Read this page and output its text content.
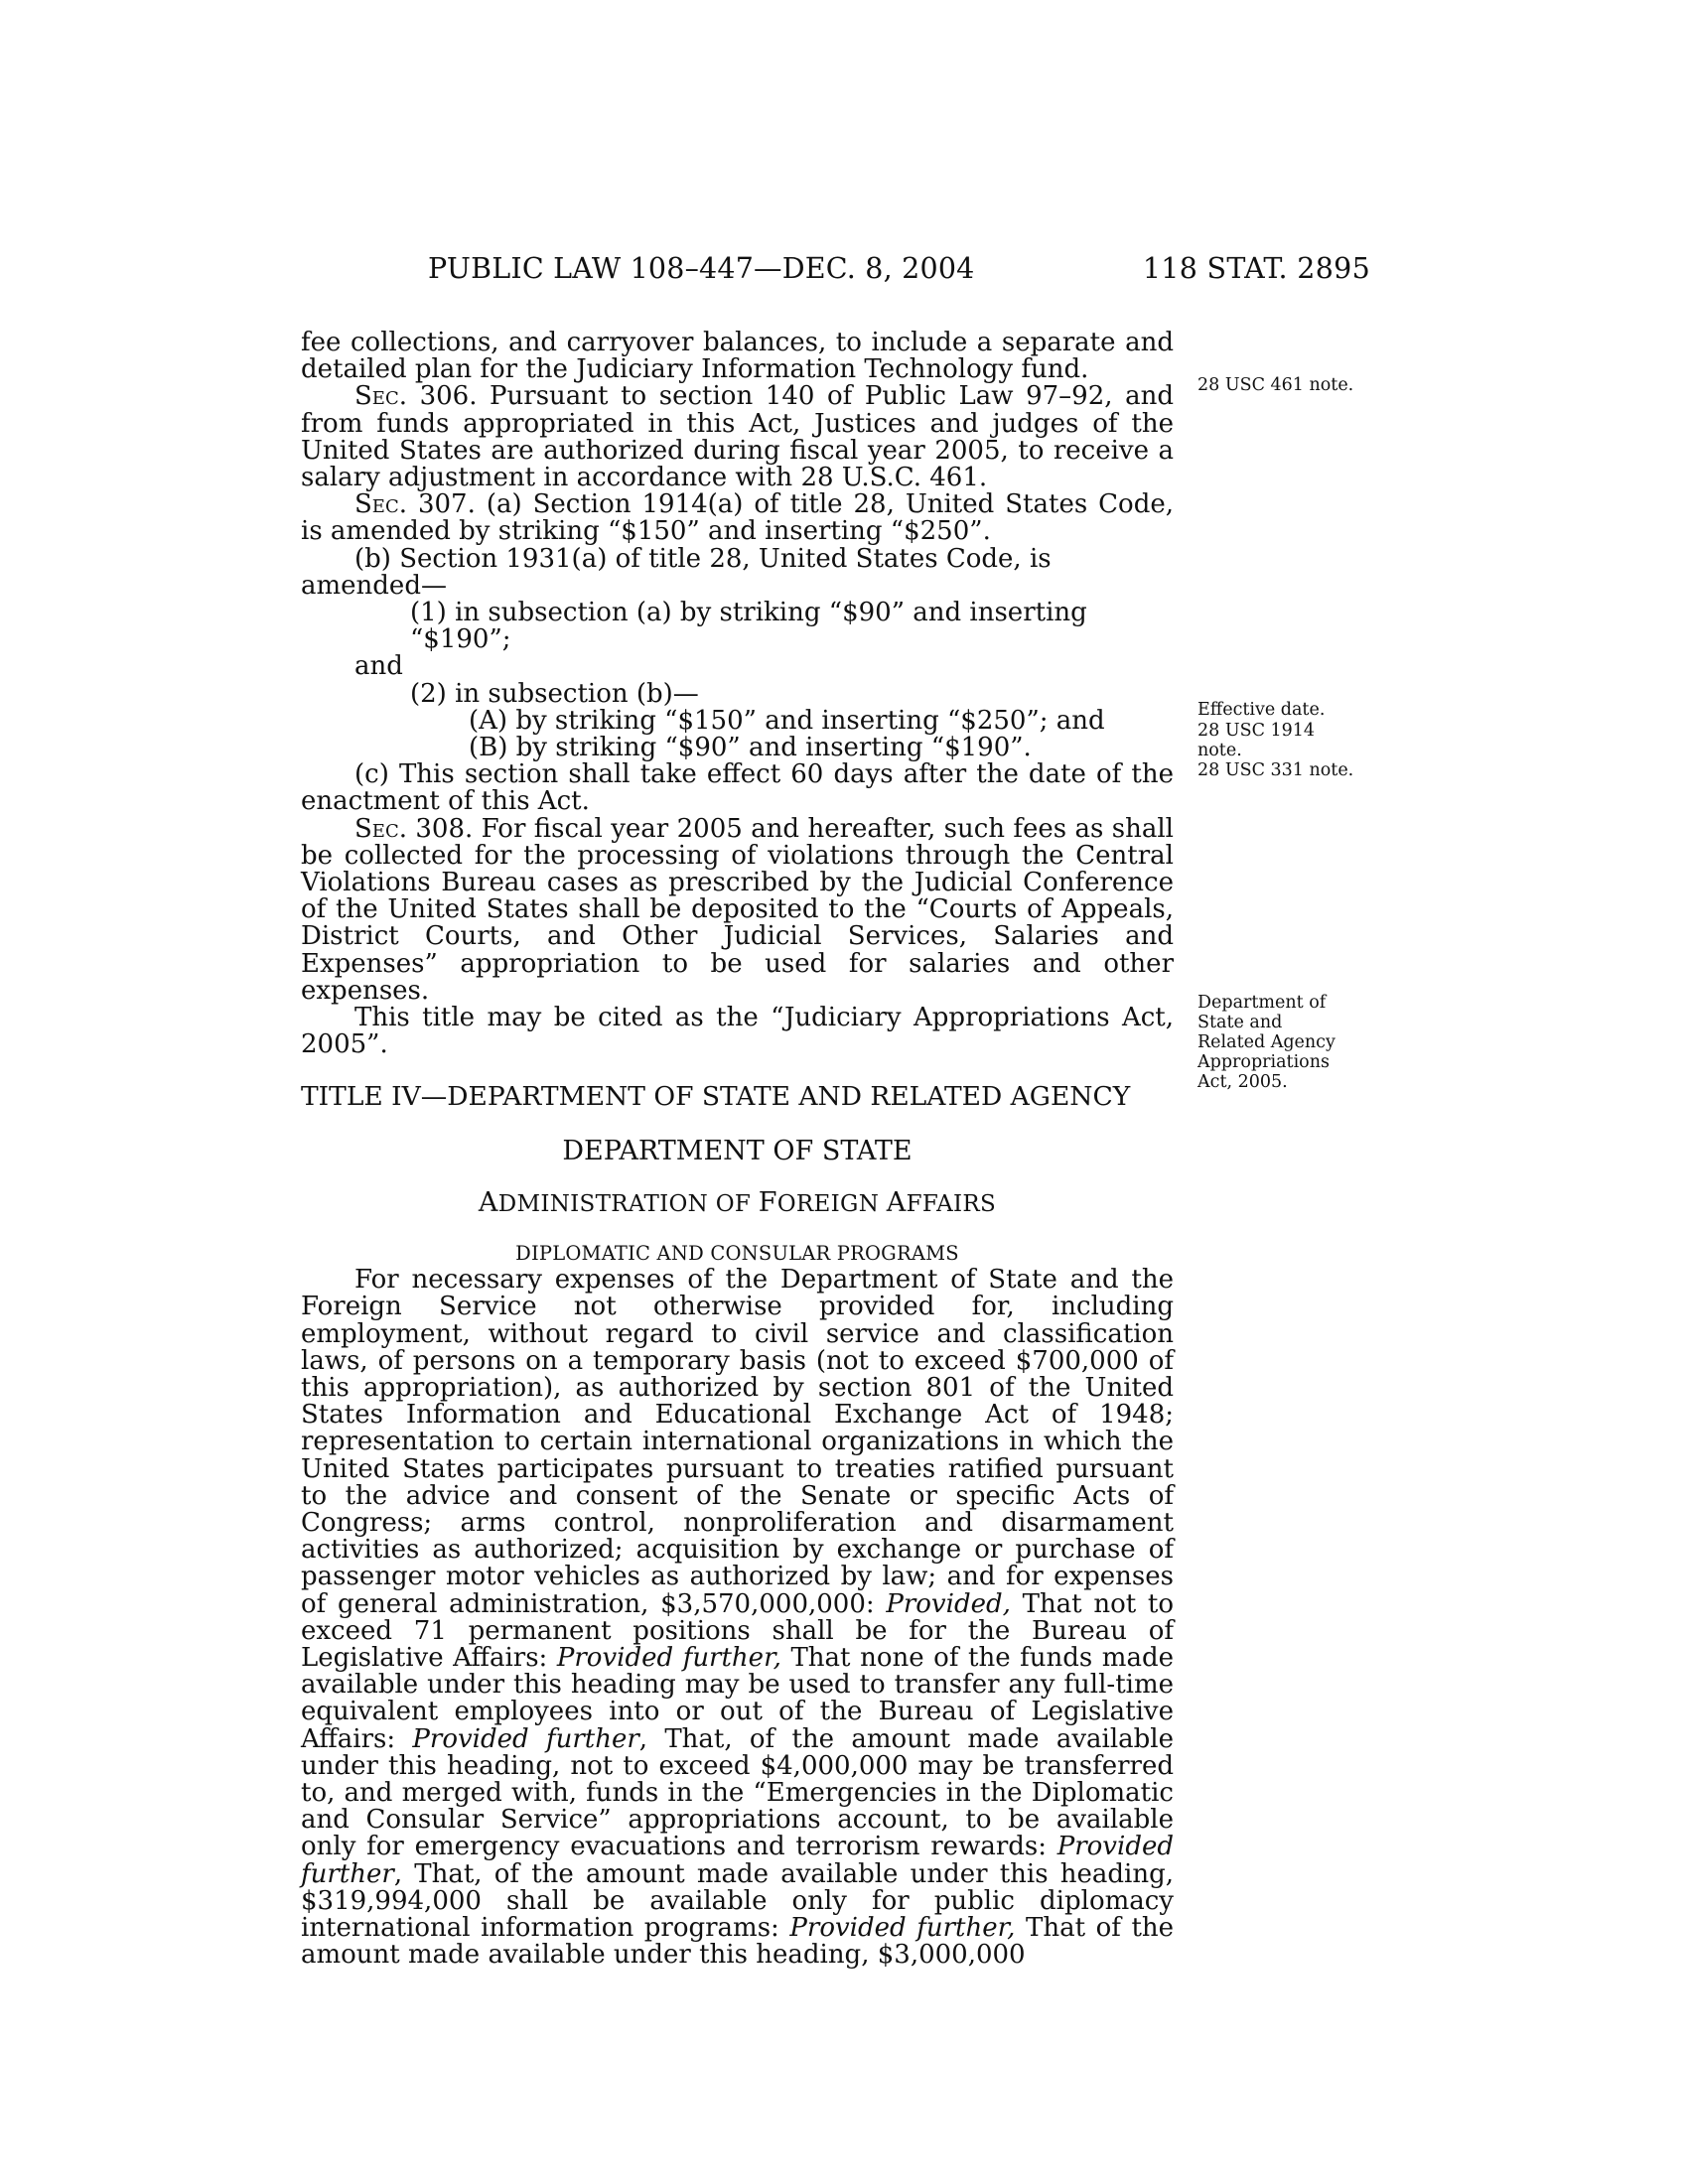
PUBLIC LAW 108–447—DEC. 8, 2004	118 STAT. 2895

fee collections, and carryover balances, to include a separate and detailed plan for the Judiciary Information Technology fund.

Sec. 306. Pursuant to section 140 of Public Law 97–92, and from funds appropriated in this Act, Justices and judges of the United States are authorized during fiscal year 2005, to receive a salary adjustment in accordance with 28 U.S.C. 461.

Sec. 307. (a) Section 1914(a) of title 28, United States Code, is amended by striking “$150” and inserting “$250”.

(b) Section 1931(a) of title 28, United States Code, is amended—

(1) in subsection (a) by striking “$90” and inserting “$190”;

and

(2) in subsection (b)—

(A) by striking “$150” and inserting “$250”; and

(B) by striking “$90” and inserting “$190”.

(c) This section shall take effect 60 days after the date of the enactment of this Act.

Sec. 308. For fiscal year 2005 and hereafter, such fees as shall be collected for the processing of violations through the Central Violations Bureau cases as prescribed by the Judicial Conference of the United States shall be deposited to the “Courts of Appeals, District Courts, and Other Judicial Services, Salaries and Expenses” appropriation to be used for salaries and other expenses.

This title may be cited as the “Judiciary Appropriations Act, 2005”.

TITLE IV—DEPARTMENT OF STATE AND RELATED AGENCY
DEPARTMENT OF STATE
ADMINISTRATION OF FOREIGN AFFAIRS
DIPLOMATIC AND CONSULAR PROGRAMS

For necessary expenses of the Department of State and the Foreign Service not otherwise provided for, including employment, without regard to civil service and classification laws, of persons on a temporary basis (not to exceed $700,000 of this appropriation), as authorized by section 801 of the United States Information and Educational Exchange Act of 1948; representation to certain international organizations in which the United States participates pursuant to treaties ratified pursuant to the advice and consent of the Senate or specific Acts of Congress; arms control, nonproliferation and disarmament activities as authorized; acquisition by exchange or purchase of passenger motor vehicles as authorized by law; and for expenses of general administration, $3,570,000,000: Provided, That not to exceed 71 permanent positions shall be for the Bureau of Legislative Affairs: Provided further, That none of the funds made available under this heading may be used to transfer any full-time equivalent employees into or out of the Bureau of Legislative Affairs: Provided further, That, of the amount made available under this heading, not to exceed $4,000,000 may be transferred to, and merged with, funds in the “Emergencies in the Diplomatic and Consular Service” appropriations account, to be available only for emergency evacuations and terrorism rewards: Provided further, That, of the amount made available under this heading, $319,994,000 shall be available only for public diplomacy international information programs: Provided further, That of the amount made available under this heading, $3,000,000

28 USC 461 note.
Effective date.
28 USC 1914
note.
28 USC 331 note.
Department of
State and
Related Agency
Appropriations
Act, 2005.
